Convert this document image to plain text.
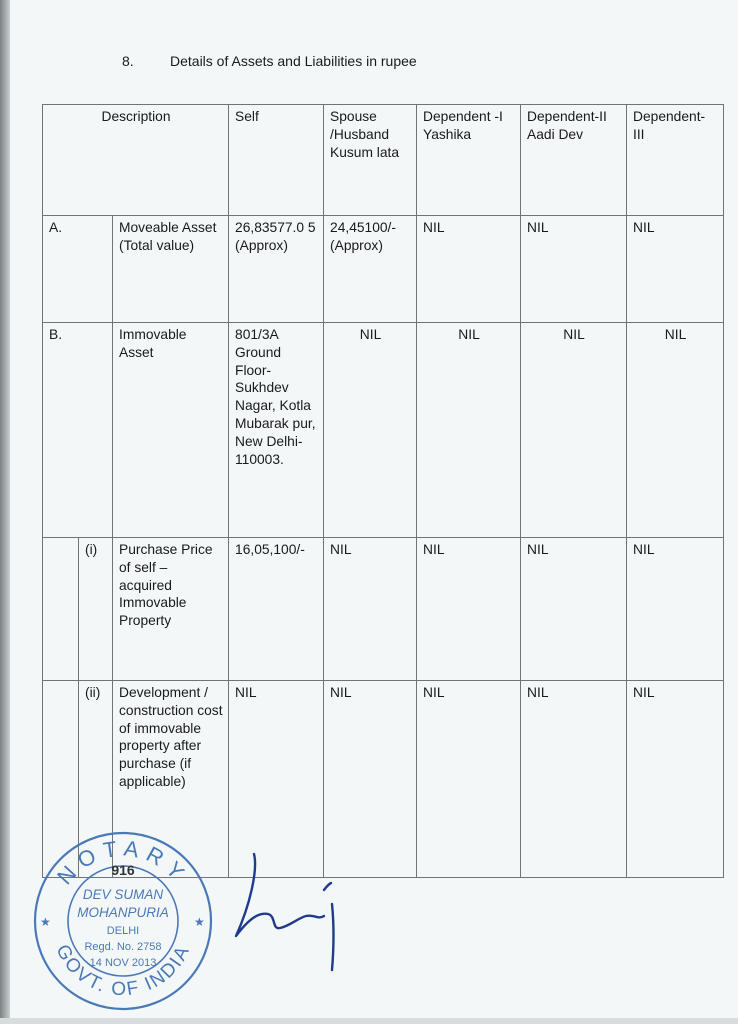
8.	Details of Assets and Liabilities in rupee
Description			Self	Spouse /Husband Kusum lata	Dependent -I Yashika	Dependent-II Aadi Dev	Dependent- III
A.		Moveable Asset (Total value)	26,83577.0 5 (Approx)	24,45100/- (Approx)	NIL	NIL	NIL
B.		Immovable Asset	801/3A Ground Floor- Sukhdev Nagar, Kotla Mubarak pur, New Delhi- 110003.	NIL	NIL	NIL	NIL
	(i)	Purchase Price of self – acquired Immovable Property	16,05,100/-	NIL	NIL	NIL	NIL
	(ii)	Development / construction cost of immovable property after purchase (if applicable)	NIL	NIL	NIL	NIL	NIL
NOTARY
GOVT. OF INDIA
916
DEV SUMAN
MOHANPURIA
DELHI
Regd. No. 2758
14 NOV 2013
★	★
